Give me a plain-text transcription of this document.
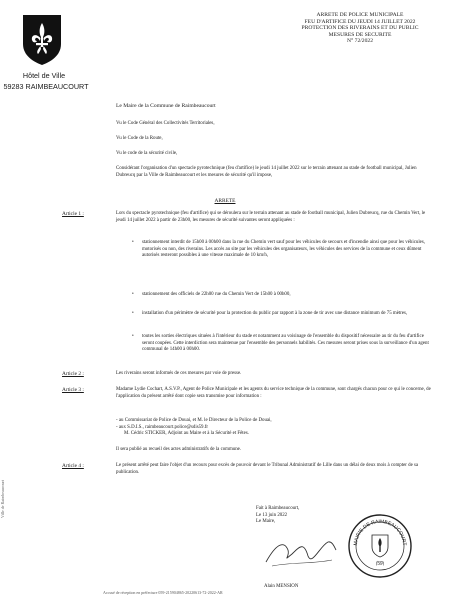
Hôtel de Ville
59283 RAIMBEAUCOURT
ARRETE DE POLICE MUNICIPALE
FEU D'ARTIFICE DU JEUDI 14 JUILLET 2022
PROTECTION DES RIVERAINS ET DU PUBLIC
MESURES DE SECURITE
N° 72/2022
Le Maire de la Commune de Raimbeaucourt
Vu le Code Général des Collectivités Territoriales,
Vu le Code de la Route,
Vu le code de la sécurité civile,
Considérant l'organisation d'un spectacle pyrotechnique (feu d'artifice) le jeudi 14 juillet 2022 sur le terrain attenant au stade de football municipal, Julien Dubreucq par la Ville de Raimbeaucourt et les mesures de sécurité qu'il impose,
ARRETE
Article 1 :	Lors du spectacle pyrotechnique (feu d'artifice) qui se déroulera sur le terrain attenant au stade de football municipal, Julien Dubreucq, rue du Chemin Vert, le jeudi 14 juillet 2022 à partir de 23h00, les mesures de sécurité suivantes seront appliquées :
• stationnement interdit de 15h00 à 00h00 dans la rue du Chemin vert sauf pour les véhicules de secours et d'incendie ainsi que pour les véhicules, motorisés ou non, des riverains. Les accès au site par les véhicules des organisateurs, les véhicules des services de la commune et ceux dûment autorisés resteront possibles à une vitesse maximale de 10 km/h,
• stationnement des officiels de 22h00 rue du Chemin Vert de 15h00 à 00h00,
• installation d'un périmètre de sécurité pour la protection du public par rapport à la zone de tir avec une distance minimum de 75 mètres,
• toutes les sorties électriques situées à l'intérieur du stade et notamment au voisinage de l'ensemble du dispositif nécessaire au tir du feu d'artifice seront coupées. Cette interdiction sera maintenue par l'ensemble des personnels habilités. Ces mesures seront prises sous la surveillance d'un agent communal de 14h00 à 00h00.
Article 2 :	Les riverains seront informés de ces mesures par voie de presse.
Article 3 :	Madame Lydie Cochart, A.S.V.P., Agent de Police Municipale et les agents du service technique de la commune, sont chargés chacun pour ce qui le concerne, de l'application du présent arrêté dont copie sera transmise pour information :
- au Commissariat de Police de Douai, et M. le Directeur de la Police de Douai,
- aux S.D.I.S., raimbeaucourt.police@sdis59.fr
M. Cédric STICKER, Adjoint au Maire et à la Sécurité et Fêtes.
Il sera publié au recueil des actes administratifs de la commune.
Article 4 :	Le présent arrêté peut faire l'objet d'un recours pour excès de pouvoir devant le Tribunal Administratif de Lille dans un délai de deux mois à compter de sa publication.
Fait à Raimbeaucourt,
Le 13 juin 2022
Le Maire,
Alain MENSION
MAIRIE DE RAIMBEAUCOURT
(59)
Ville de Raimbeaucourt
Accusé de réception en préfecture 059-215904865-20220613-72-2022-AR
